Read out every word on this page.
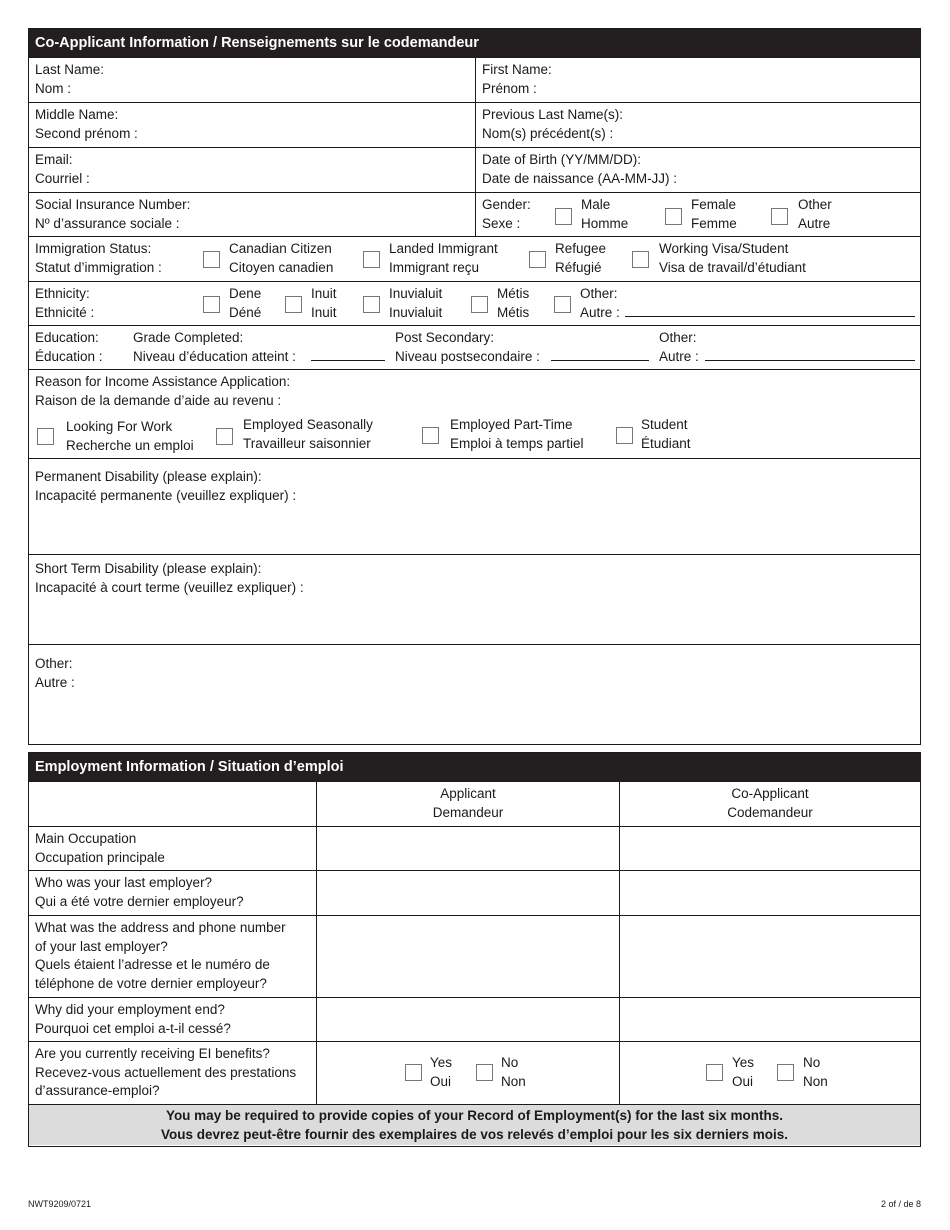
Co-Applicant Information / Renseignements sur le codemandeur
Last Name:
Nom :
First Name:
Prénom :
Middle Name:
Second prénom :
Previous Last Name(s):
Nom(s) précédent(s) :
Email:
Courriel :
Date of Birth (YY/MM/DD):
Date de naissance (AA-MM-JJ) :
Social Insurance Number:
Nº d’assurance sociale :
Gender:
Sexe :
Male
Homme
Female
Femme
Other
Autre
Immigration Status:
Statut d’immigration :
Canadian Citizen
Citoyen canadien
Landed Immigrant
Immigrant reçu
Refugee
Réfugié
Working Visa/Student
Visa de travail/d’étudiant
Ethnicity:
Ethnicité :
Dene
Déné
Inuit
Inuit
Inuvialuit
Inuvialuit
Métis
Métis
Other:
Autre :
Education:
Éducation :
Grade Completed:
Niveau d’éducation atteint :
Post Secondary:
Niveau postsecondaire :
Other:
Autre :
Reason for Income Assistance Application:
Raison de la demande d’aide au revenu :
Looking For Work
Recherche un emploi
Employed Seasonally
Travailleur saisonnier
Employed Part-Time
Emploi à temps partiel
Student
Étudiant
Permanent Disability (please explain):
Incapacité permanente (veuillez expliquer) :
Short Term Disability (please explain):
Incapacité à court terme (veuillez expliquer) :
Other:
Autre :
Employment Information / Situation d’emploi
Applicant
Demandeur
Co-Applicant
Codemandeur
Main Occupation
Occupation principale
Who was your last employer?
Qui a été votre dernier employeur?
What was the address and phone number
of your last employer?
Quels étaient l’adresse et le numéro de
téléphone de votre dernier employeur?
Why did your employment end?
Pourquoi cet emploi a-t-il cessé?
Are you currently receiving EI benefits?
Recevez-vous actuellement des prestations
d’assurance-emploi?
Yes
Oui
No
Non
Yes
Oui
No
Non
You may be required to provide copies of your Record of Employment(s) for the last six months.
Vous devrez peut-être fournir des exemplaires de vos relevés d’emploi pour les six derniers mois.
NWT9209/0721	2 of / de 8
